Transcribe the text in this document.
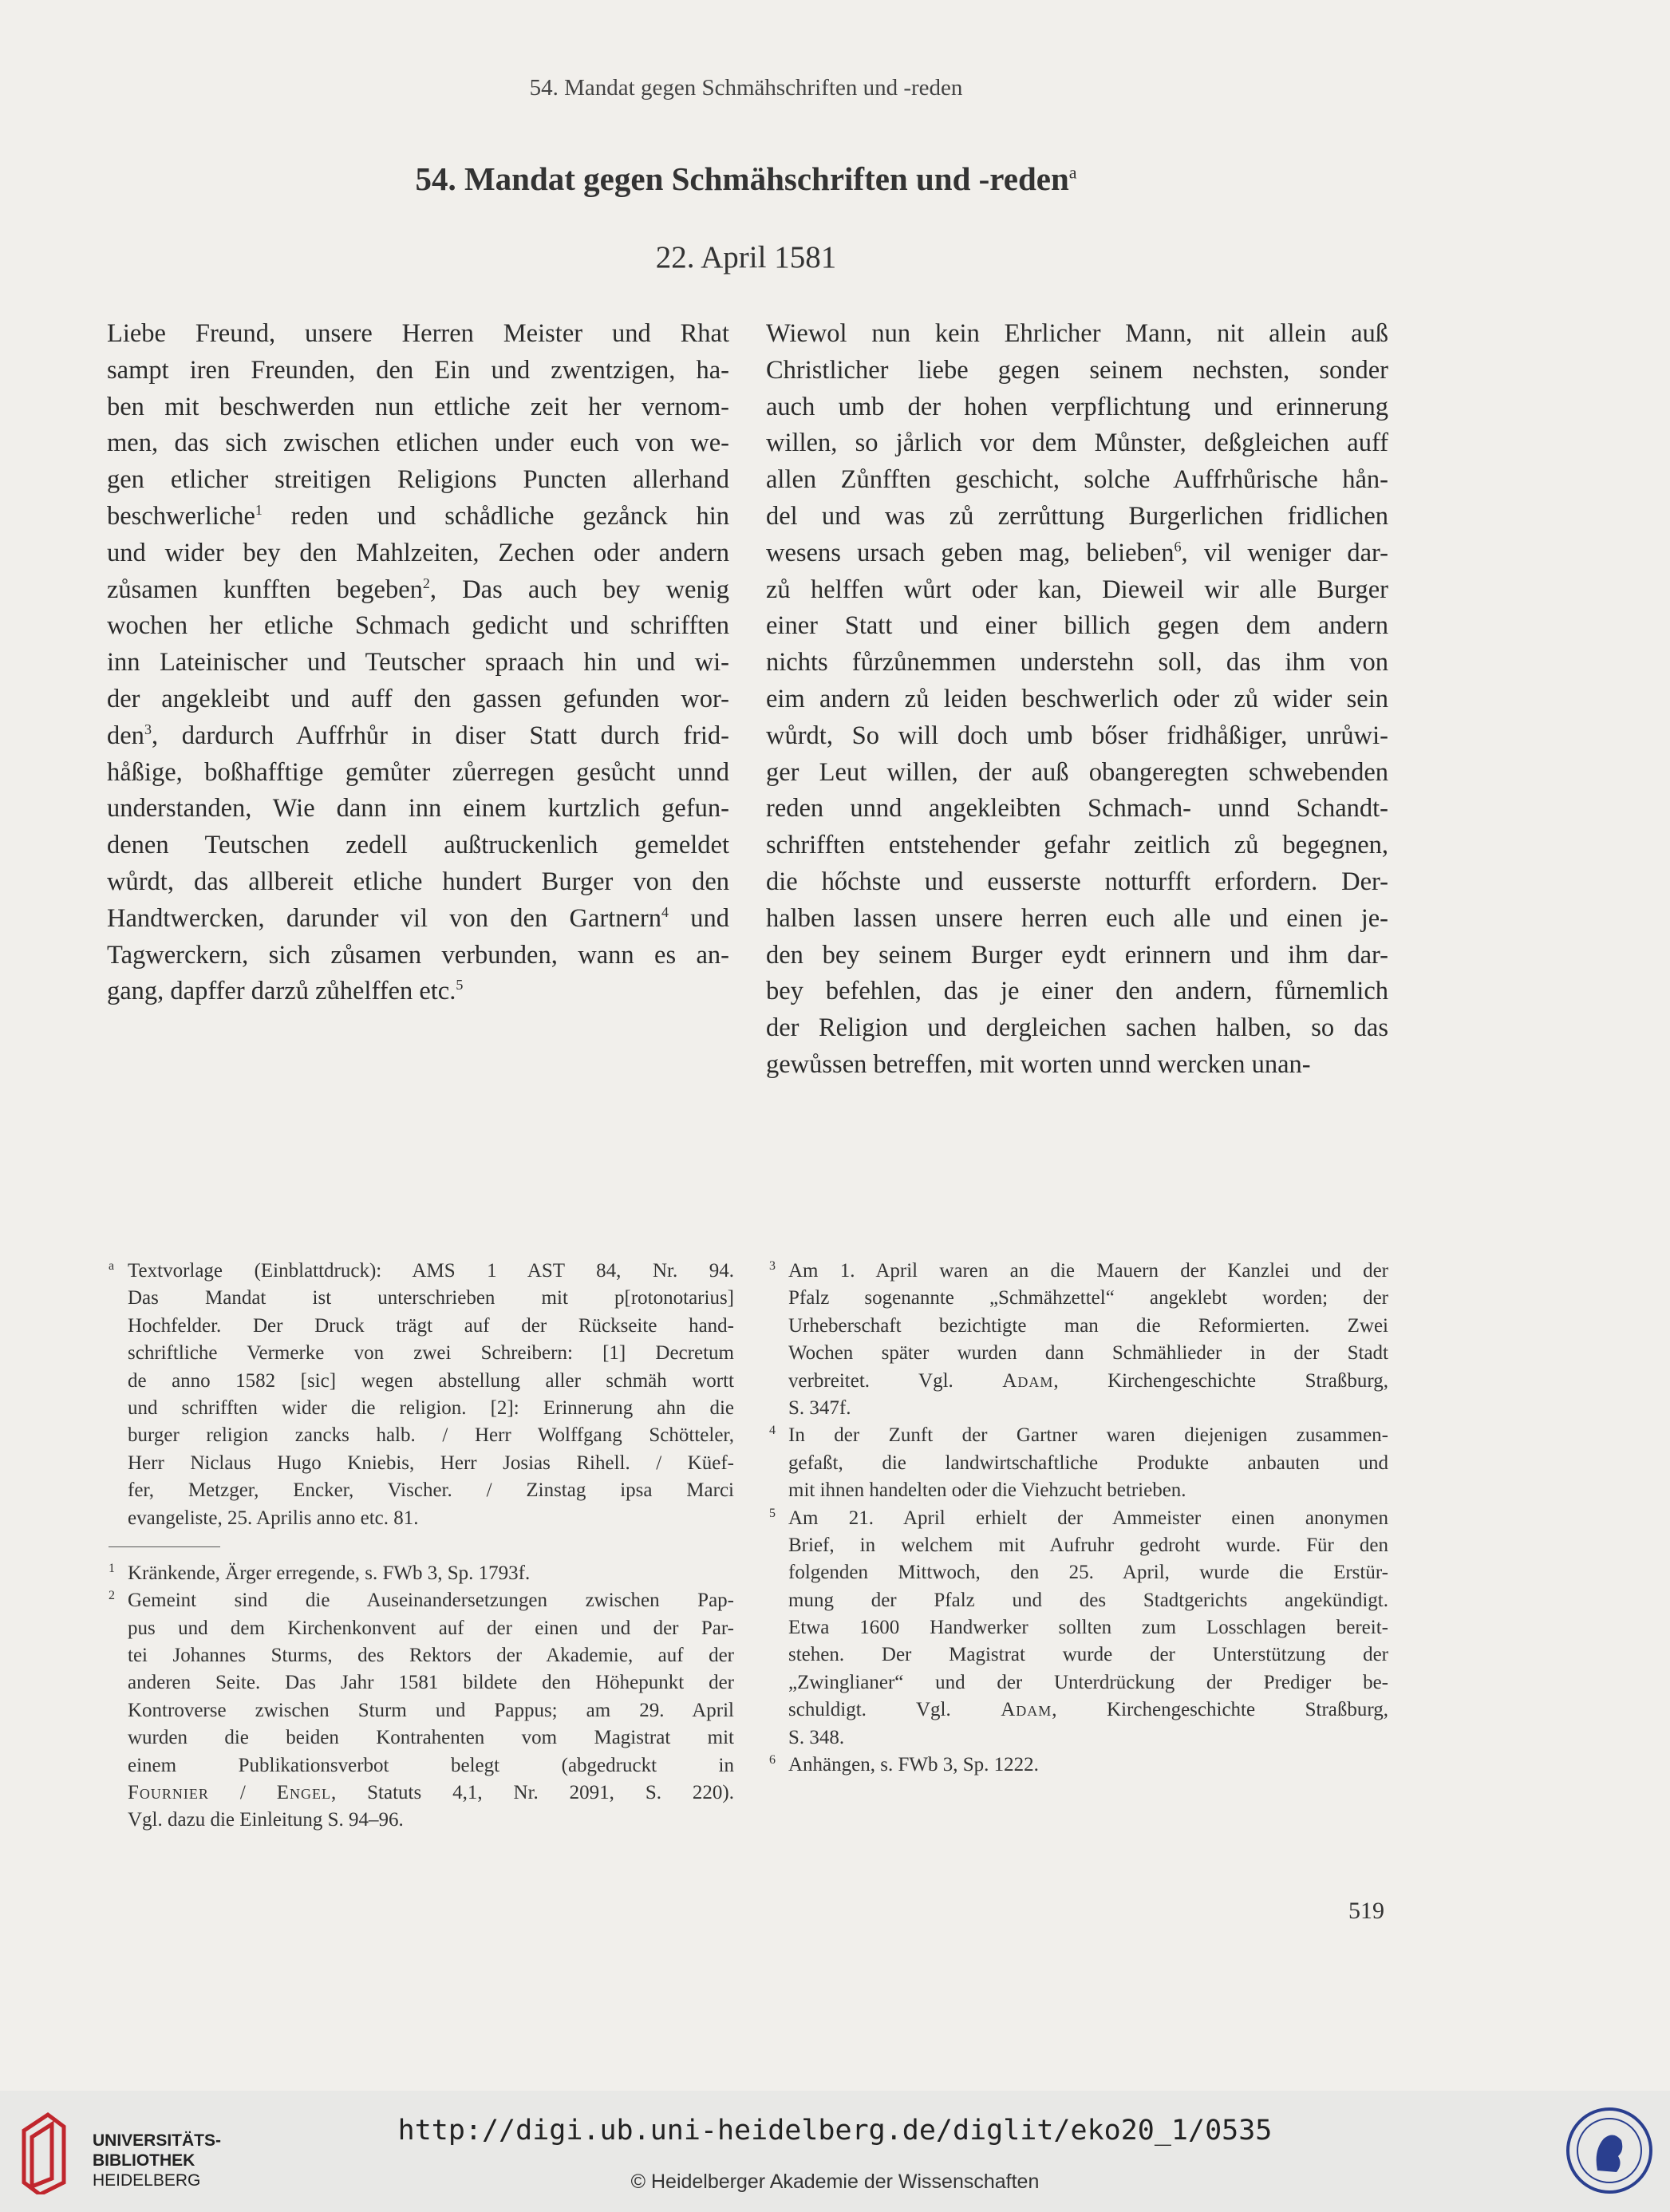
54. Mandat gegen Schmähschriften und -reden
54. Mandat gegen Schmähschriften und -reden$^a$
22. April 1581
Liebe Freund, unsere Herren Meister und Rhat
sampt iren Freunden, den Ein und zwentzigen, ha-
ben mit beschwerden nun ettliche zeit her vernom-
men, das sich zwischen etlichen under euch von we-
gen etlicher streitigen Religions Puncten allerhand
beschwerliche$^1$ reden und schådliche gezånck hin
und wider bey den Mahlzeiten, Zechen oder andern
zůsamen kunfften begeben$^2$, Das auch bey wenig
wochen her etliche Schmach gedicht und schrifften
inn Lateinischer und Teutscher spraach hin und wi-
der angekleibt und auff den gassen gefunden wor-
den$^3$, dardurch Auffrhůr in diser Statt durch frid-
håßige, boßhafftige gemůter zůerregen gesůcht unnd
understanden, Wie dann inn einem kurtzlich gefun-
denen Teutschen zedell außtruckenlich gemeldet
wůrdt, das allbereit etliche hundert Burger von den
Handtwercken, darunder vil von den Gartnern$^4$ und
Tagwerckern, sich zůsamen verbunden, wann es an-
gang, dapffer darzů zůhelffen etc.$^5$
Wiewol nun kein Ehrlicher Mann, nit allein auß
Christlicher liebe gegen seinem nechsten, sonder
auch umb der hohen verpflichtung und erinnerung
willen, so jårlich vor dem Můnster, deßgleichen auff
allen Zůnfften geschicht, solche Auffrhůrische hån-
del und was zů zerrůttung Burgerlichen fridlichen
wesens ursach geben mag, belieben$^6$, vil weniger dar-
zů helffen wůrt oder kan, Dieweil wir alle Burger
einer Statt und einer billich gegen dem andern
nichts fůrzůnemmen understehn soll, das ihm von
eim andern zů leiden beschwerlich oder zů wider sein
wůrdt, So will doch umb bőser fridhåßiger, unrůwi-
ger Leut willen, der auß obangeregten schwebenden
reden unnd angekleibten Schmach- unnd Schandt-
schrifften entstehender gefahr zeitlich zů begegnen,
die hőchste und eusserste notturfft erfordern. Der-
halben lassen unsere herren euch alle und einen je-
den bey seinem Burger eydt erinnern und ihm dar-
bey befehlen, das je einer den andern, fůrnemlich
der Religion und dergleichen sachen halben, so das
gewůssen betreffen, mit worten unnd wercken unan-
a Textvorlage (Einblattdruck): AMS 1 AST 84, Nr. 94.
Das Mandat ist unterschrieben mit p[rotonotarius]
Hochfelder. Der Druck trägt auf der Rückseite hand-
schriftliche Vermerke von zwei Schreibern: [1] Decretum
de anno 1582 [sic] wegen abstellung aller schmäh wortt
und schrifften wider die religion. [2]: Erinnerung ahn die
burger religion zancks halb. / Herr Wolffgang Schötteler,
Herr Niclaus Hugo Kniebis, Herr Josias Rihell. / Küef-
fer, Metzger, Encker, Vischer. / Zinstag ipsa Marci
evangeliste, 25. Aprilis anno etc. 81.
1 Kränkende, Ärger erregende, s. FWb 3, Sp. 1793f.
2 Gemeint sind die Auseinandersetzungen zwischen Pap-
pus und dem Kirchenkonvent auf der einen und der Par-
tei Johannes Sturms, des Rektors der Akademie, auf der
anderen Seite. Das Jahr 1581 bildete den Höhepunkt der
Kontroverse zwischen Sturm und Pappus; am 29. April
wurden die beiden Kontrahenten vom Magistrat mit
einem Publikationsverbot belegt (abgedruckt in
Fournier / Engel, Statuts 4,1, Nr. 2091, S. 220).
Vgl. dazu die Einleitung S. 94–96.
3 Am 1. April waren an die Mauern der Kanzlei und der
Pfalz sogenannte „Schmähzettel“ angeklebt worden; der
Urheberschaft bezichtigte man die Reformierten. Zwei
Wochen später wurden dann Schmählieder in der Stadt
verbreitet. Vgl. Adam, Kirchengeschichte Straßburg,
S. 347f.
4 In der Zunft der Gartner waren diejenigen zusammen-
gefaßt, die landwirtschaftliche Produkte anbauten und
mit ihnen handelten oder die Viehzucht betrieben.
5 Am 21. April erhielt der Ammeister einen anonymen
Brief, in welchem mit Aufruhr gedroht wurde. Für den
folgenden Mittwoch, den 25. April, wurde die Erstür-
mung der Pfalz und des Stadtgerichts angekündigt.
Etwa 1600 Handwerker sollten zum Losschlagen bereit-
stehen. Der Magistrat wurde der Unterstützung der
„Zwinglianer“ und der Unterdrückung der Prediger be-
schuldigt. Vgl. Adam, Kirchengeschichte Straßburg,
S. 348.
6 Anhängen, s. FWb 3, Sp. 1222.
519
UNIVERSITÄTS-
BIBLIOTHEK
HEIDELBERG
http://digi.ub.uni-heidelberg.de/diglit/eko20_1/0535
© Heidelberger Akademie der Wissenschaften
